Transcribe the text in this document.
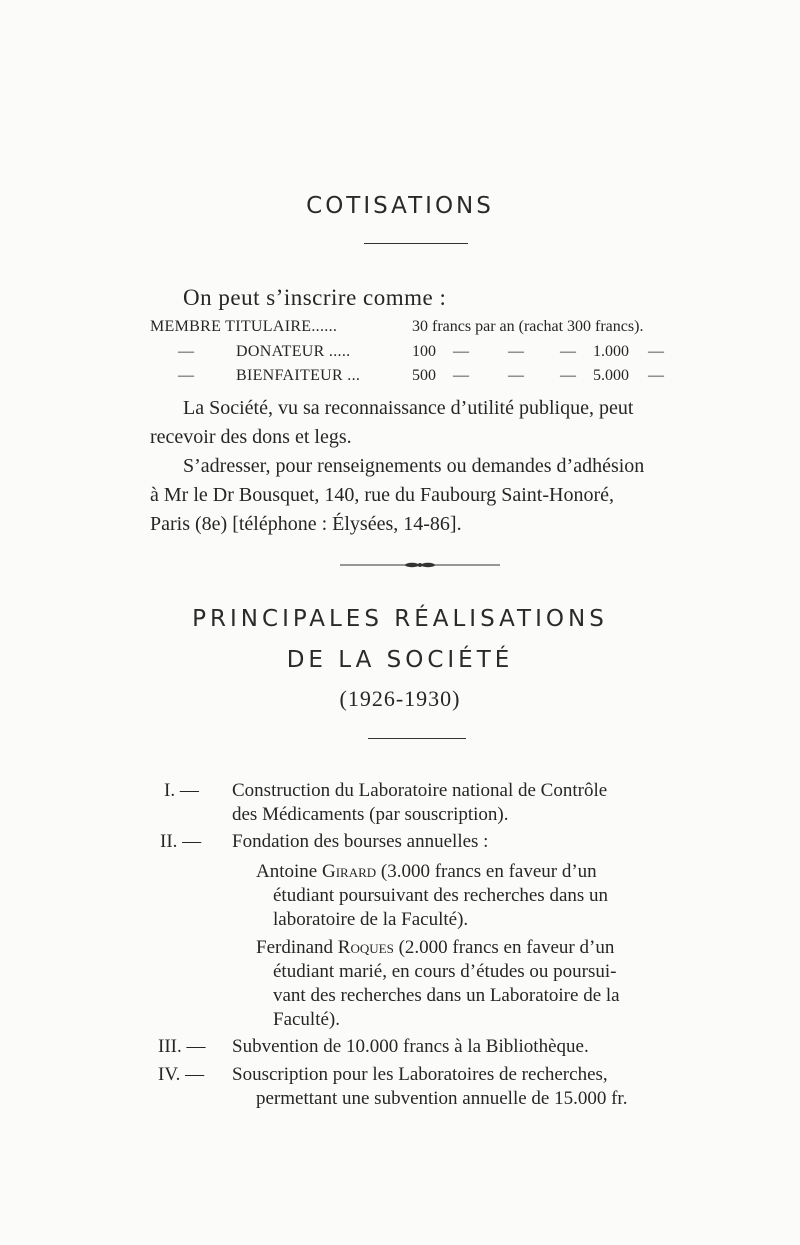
COTISATIONS
On peut s’inscrire comme :
MEMBRE TITULAIRE......	30 francs par an (rachat 300 francs).
—	DONATEUR .....	100 — — — 1.000 —
—	BIENFAITEUR ...	500 — — — 5.000 —
La Société, vu sa reconnaissance d’utilité publique, peut
recevoir des dons et legs.
S’adresser, pour renseignements ou demandes d’adhésion
à Mr le Dr Bousquet, 140, rue du Faubourg Saint-Honoré,
Paris (8e) [téléphone : Élysées, 14-86].
PRINCIPALES RÉALISATIONS
DE LA SOCIÉTÉ
(1926-1930)
I. — Construction du Laboratoire national de Contrôle
des Médicaments (par souscription).
II. — Fondation des bourses annuelles :
Antoine Girard (3.000 francs en faveur d’un
étudiant poursuivant des recherches dans un
laboratoire de la Faculté).
Ferdinand Roques (2.000 francs en faveur d’un
étudiant marié, en cours d’études ou poursui-
vant des recherches dans un Laboratoire de la
Faculté).
III. — Subvention de 10.000 francs à la Bibliothèque.
IV. — Souscription pour les Laboratoires de recherches,
permettant une subvention annuelle de 15.000 fr.
